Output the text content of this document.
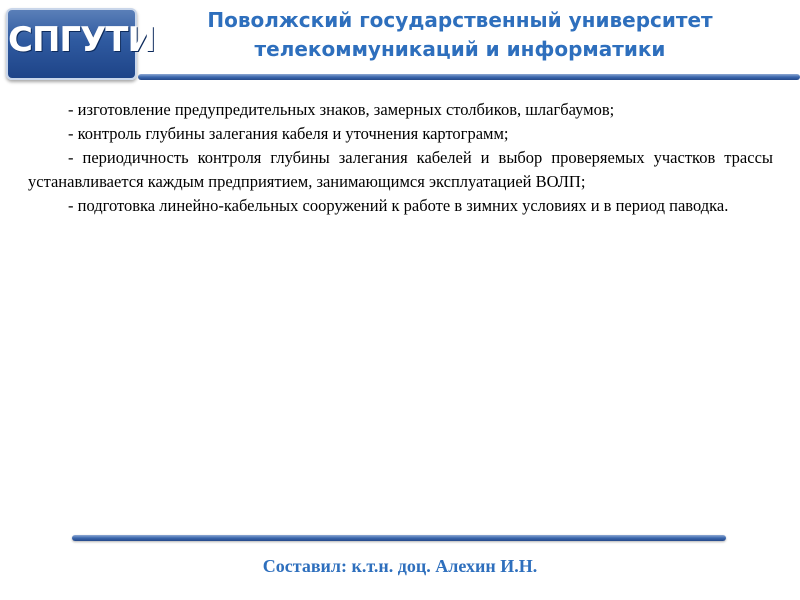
СПГУТИ	Поволжский государственный университет
телекоммуникаций и информатики

- изготовление предупредительных знаков, замерных столбиков, шлагбаумов;

- контроль глубины залегания кабеля и уточнения картограмм;

- периодичность контроля глубины залегания кабелей и выбор проверяемых участков трассы устанавливается каждым предприятием, занимающимся эксплуатацией ВОЛП;

- подготовка линейно-кабельных сооружений к работе в зимних условиях и в период паводка.

Составил: к.т.н. доц. Алехин И.Н.
